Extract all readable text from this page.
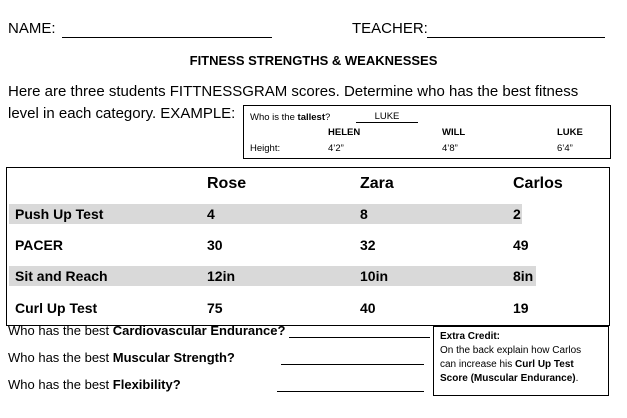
NAME:	TEACHER:
FITNESS STRENGTHS & WEAKNESSES
Here are three students FITTNESSGRAM scores. Determine who has the best fitness
level in each category. EXAMPLE: Who is the tallest?	LUKE
HELEN	WILL	LUKE
Height:	4’2”	4’8”	6’4”
Rose	Zara	Carlos
Push Up Test	4	8	2
PACER	30	32	49
Sit and Reach	12in	10in	8in
Curl Up Test	75	40	19
Who has the best Cardiovascular Endurance?
Who has the best Muscular Strength?
Who has the best Flexibility?
Extra Credit:
On the back explain how Carlos
can increase his Curl Up Test
Score (Muscular Endurance).
